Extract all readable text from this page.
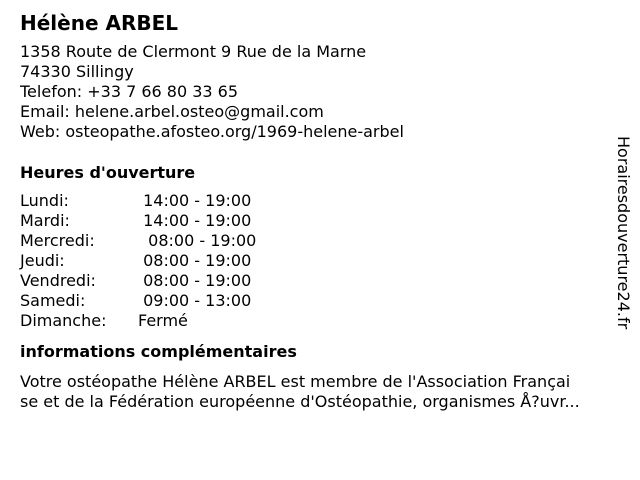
Hélène ARBEL
1358 Route de Clermont 9 Rue de la Marne
74330 Sillingy
Telefon: +33 7 66 80 33 65
Email: helene.arbel.osteo@gmail.com
Web: osteopathe.afosteo.org/1969-helene-arbel
Heures d'ouverture
Lundi:	14:00 - 19:00
Mardi:	14:00 - 19:00
Mercredi:	08:00 - 19:00
Jeudi:	08:00 - 19:00
Vendredi:	08:00 - 19:00
Samedi:	09:00 - 13:00
Dimanche:	Fermé
informations complémentaires
Votre ostéopathe Hélène ARBEL est membre de l'Association Françai
se et de la Fédération européenne d'Ostéopathie, organismes Å?uvr...
Horairesdouverture24.fr
